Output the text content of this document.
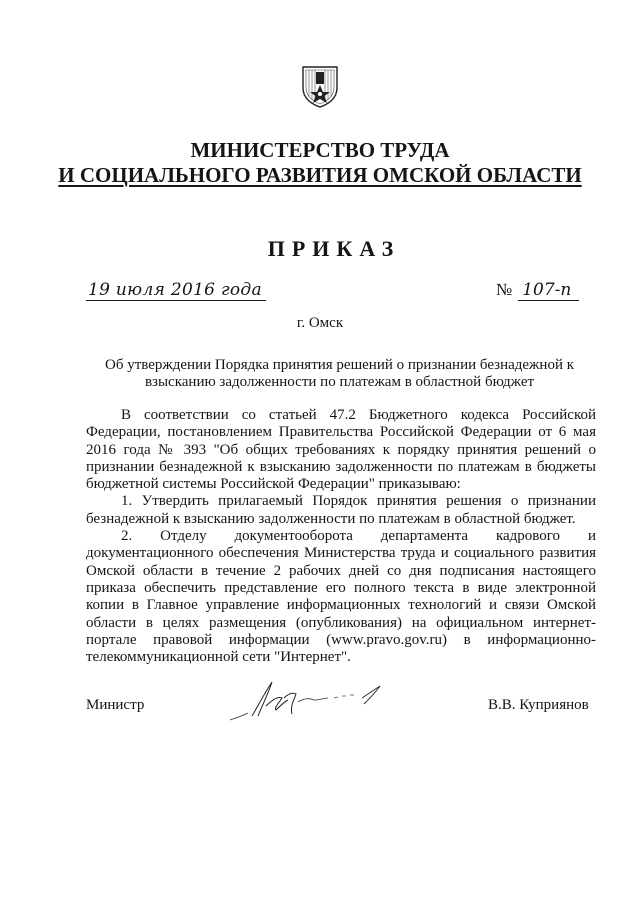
МИНИСТЕРСТВО ТРУДА
И СОЦИАЛЬНОГО РАЗВИТИЯ ОМСКОЙ ОБЛАСТИ
ПРИКАЗ
19 июля 2016 года	№ 107-п
г. Омск
Об утверждении Порядка принятия решений о признании безнадежной к взысканию задолженности по платежам в областной бюджет

В соответствии со статьей 47.2 Бюджетного кодекса Российской Федерации, постановлением Правительства Российской Федерации от 6 мая 2016 года № 393 "Об общих требованиях к порядку принятия решений о признании безнадежной к взысканию задолженности по платежам в бюджеты бюджетной системы Российской Федерации" приказываю:

1. Утвердить прилагаемый Порядок принятия решения о признании безнадежной к взысканию задолженности по платежам в областной бюджет.

2. Отделу документооборота департамента кадрового и документационного обеспечения Министерства труда и социального развития Омской области в течение 2 рабочих дней со дня подписания настоящего приказа обеспечить представление его полного текста в виде электронной копии в Главное управление информационных технологий и связи Омской области в целях размещения (опубликования) на официальном интернет-портале правовой информации (www.pravo.gov.ru) в информационно-телекоммуникационной сети "Интернет".

Министр	В.В. Куприянов
